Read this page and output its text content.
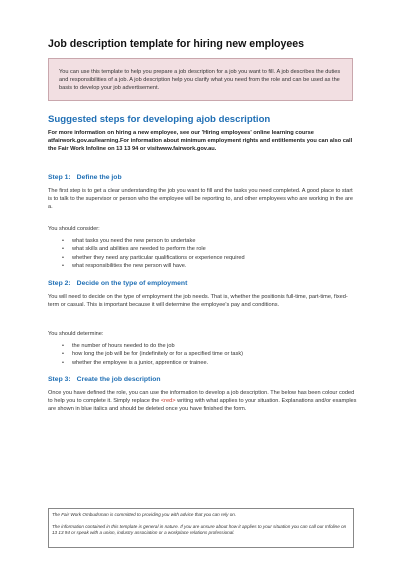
Job description template for hiring new employees

You can use this template to help you prepare a job description for a job you want to fill. A job describes the duties and responsibilities of a job. A job description help you clarify what you need from the role and can be used as the basis to develop your job advertisement.

Suggested steps for developing ajob description
For more information on hiring a new employee, see our 'Hiring employees' online learning course atfairwork.gov.au/learning.For information about minimum employment rights and entitlements you can also call the Fair Work Infoline on 13 13 94 or visitwww.fairwork.gov.au.
Step 1: Define the job

The first step is to get a clear understanding the job you want to fill and the tasks you need completed. A good place to start is to talk to the supervisor or person who the employee will be reporting to, and other employees who are working in the are a.

You should consider:

• what tasks you need the new person to undertake
• what skills and abilities are needed to perform the role
• whether they need any particular qualifications or experience required
• what responsibilities the new person will have.
Step 2: Decide on the type of employment

You will need to decide on the type of employment the job needs. That is, whether the positionis full-time, part-time, fixed-term or casual. This is important because it will determine the employee's pay and conditions.

You should determine:

• the number of hours needed to do the job
• how long the job will be for (indefinitely or for a specified time or task)
• whether the employee is a junior, apprentice or trainee.
Step 3: Create the job description

Once you have defined the role, you can use the information to develop a job description. The below has been colour coded to help you to complete it. Simply replace the <red> writing with what applies to your situation. Explanations and/or examples are shown in blue italics and should be deleted once you have finished the form.

The Fair Work Ombudsman is committed to providing you with advice that you can rely on.

The information contained in this template is general in nature. If you are unsure about how it applies to your situation you can call our Infoline on 13 13 94 or speak with a union, industry association or a workplace relations professional.
